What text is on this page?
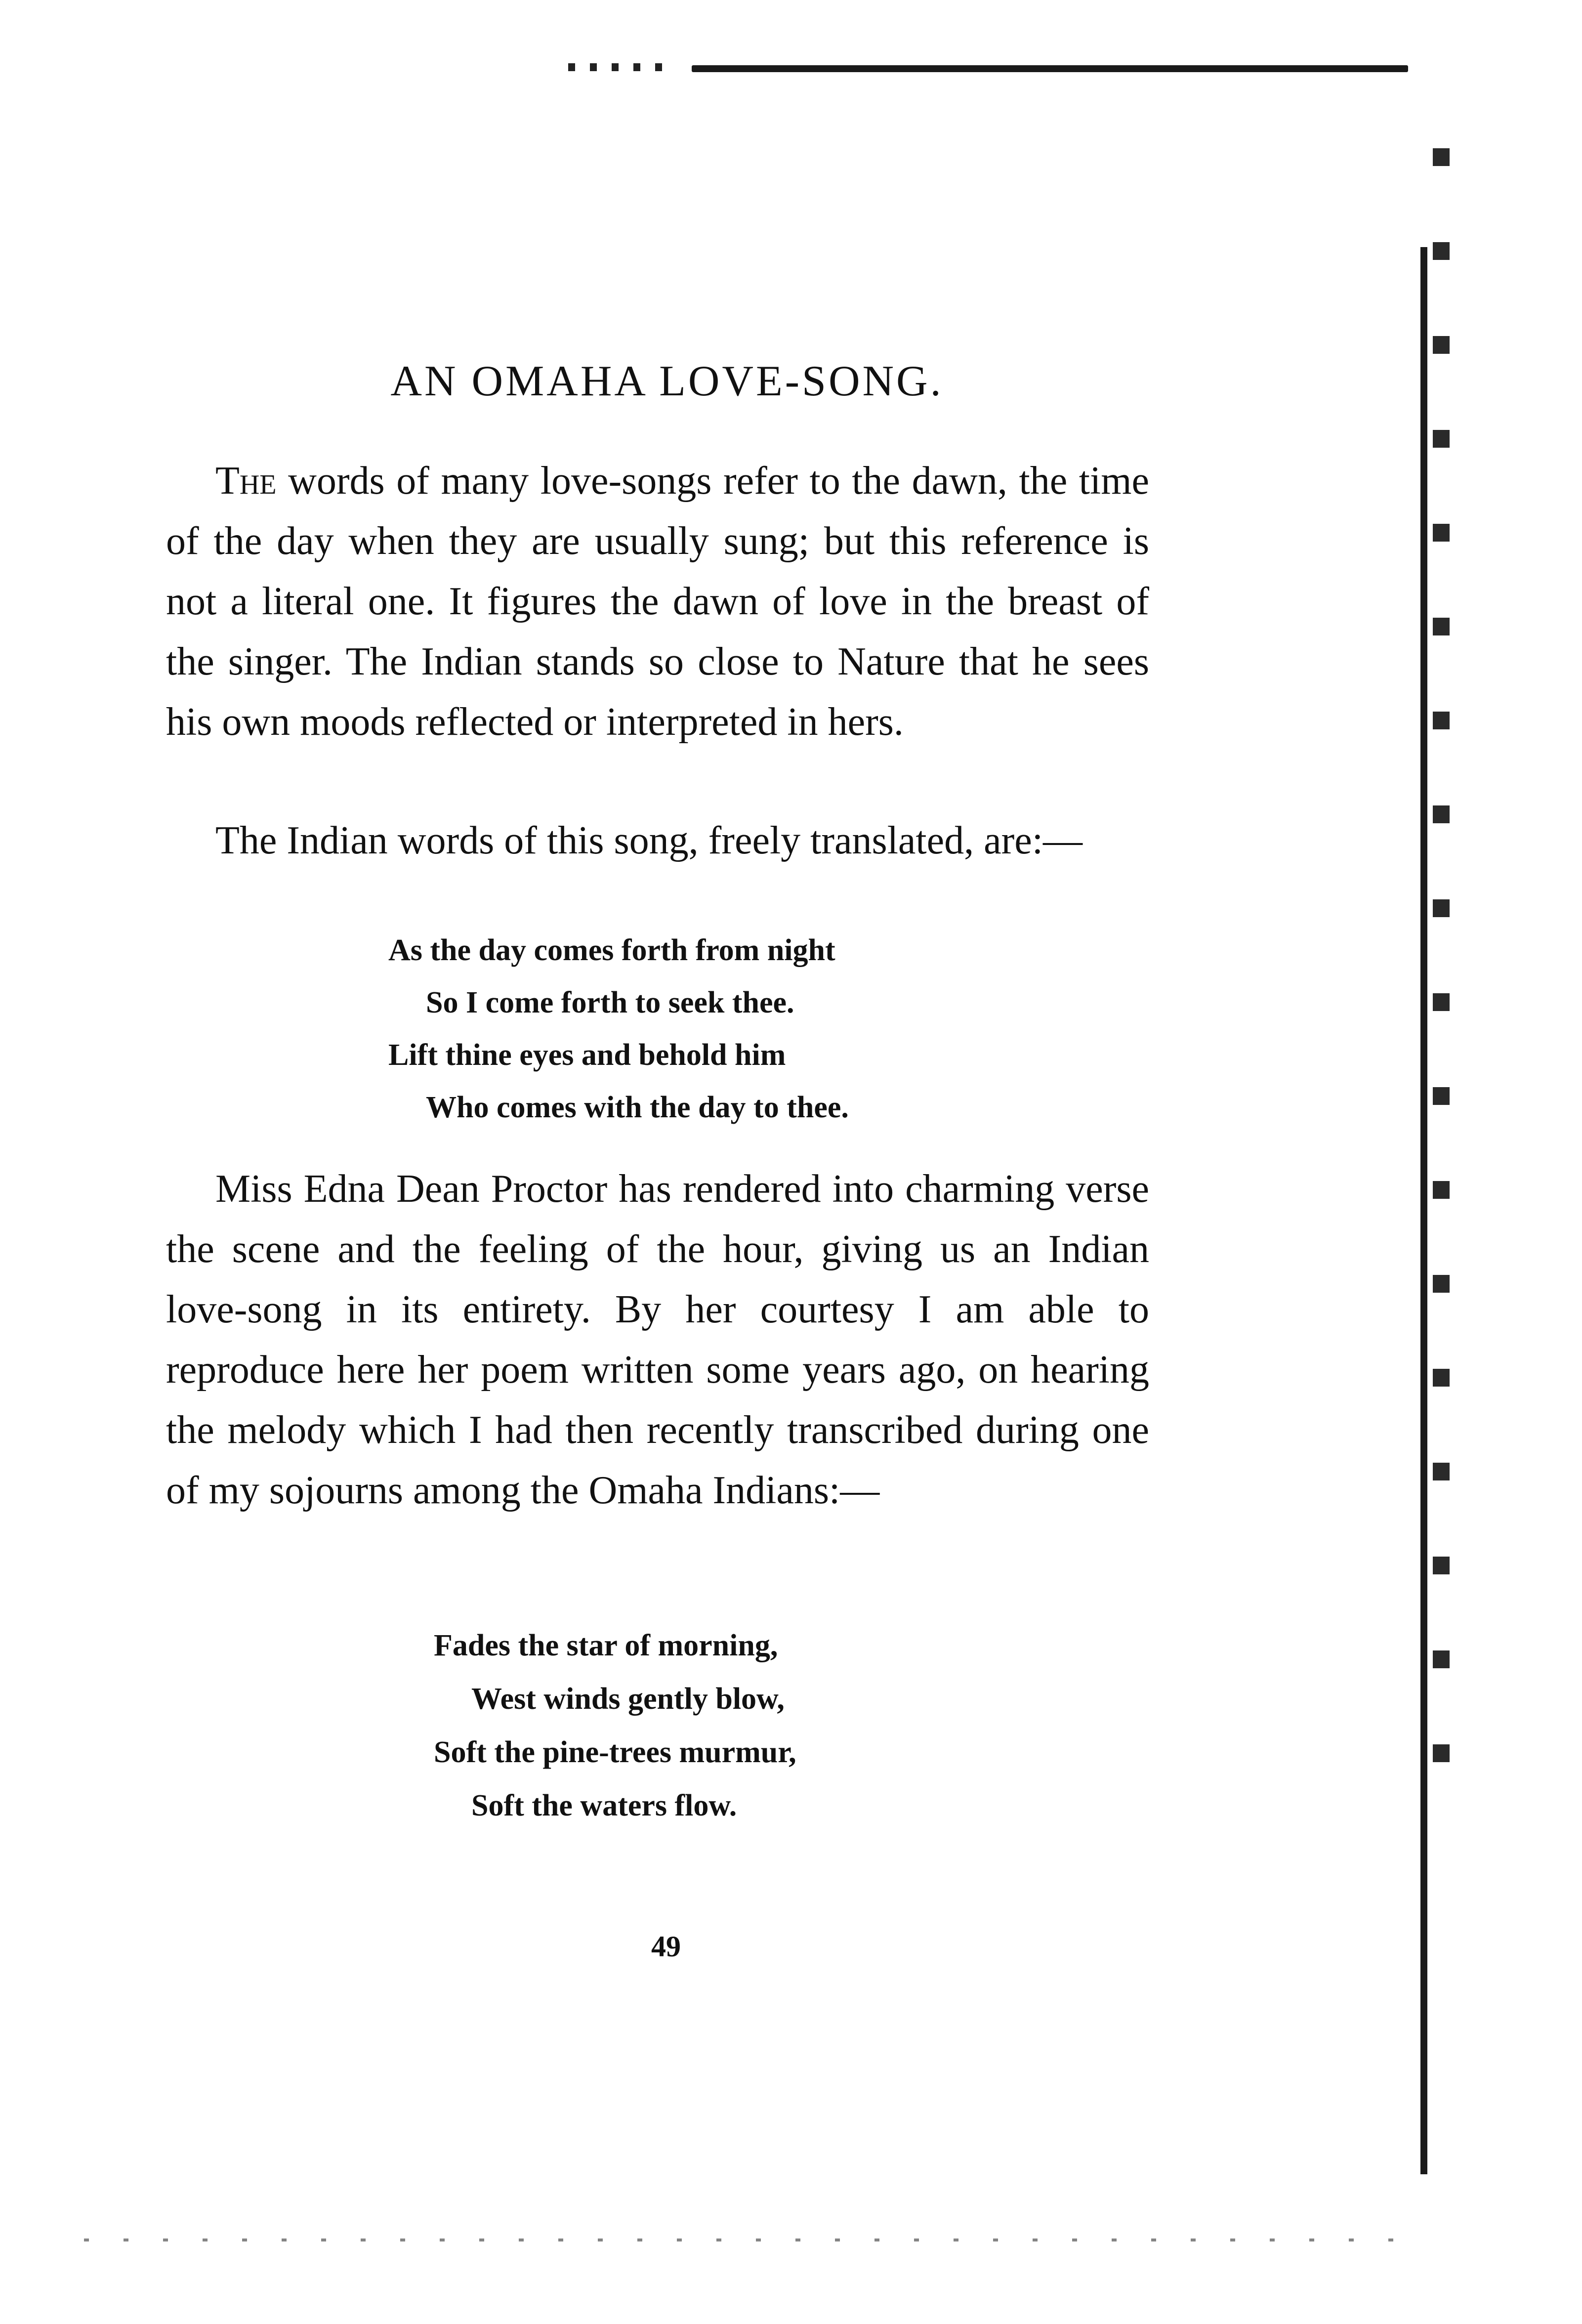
AN OMAHA LOVE-SONG.

The words of many love-songs refer to the dawn, the time of the day when they are usually sung; but this reference is not a literal one. It figures the dawn of love in the breast of the singer. The Indian stands so close to Nature that he sees his own moods reflected or interpreted in hers.

The Indian words of this song, freely translated, are:—

As the day comes forth from night
So I come forth to seek thee.
Lift thine eyes and behold him
Who comes with the day to thee.

Miss Edna Dean Proctor has rendered into charming verse the scene and the feeling of the hour, giving us an Indian love-song in its entirety. By her courtesy I am able to reproduce here her poem written some years ago, on hearing the melody which I had then recently transcribed during one of my sojourns among the Omaha Indians:—

Fades the star of morning,
West winds gently blow,
Soft the pine-trees murmur,
Soft the waters flow.

49
